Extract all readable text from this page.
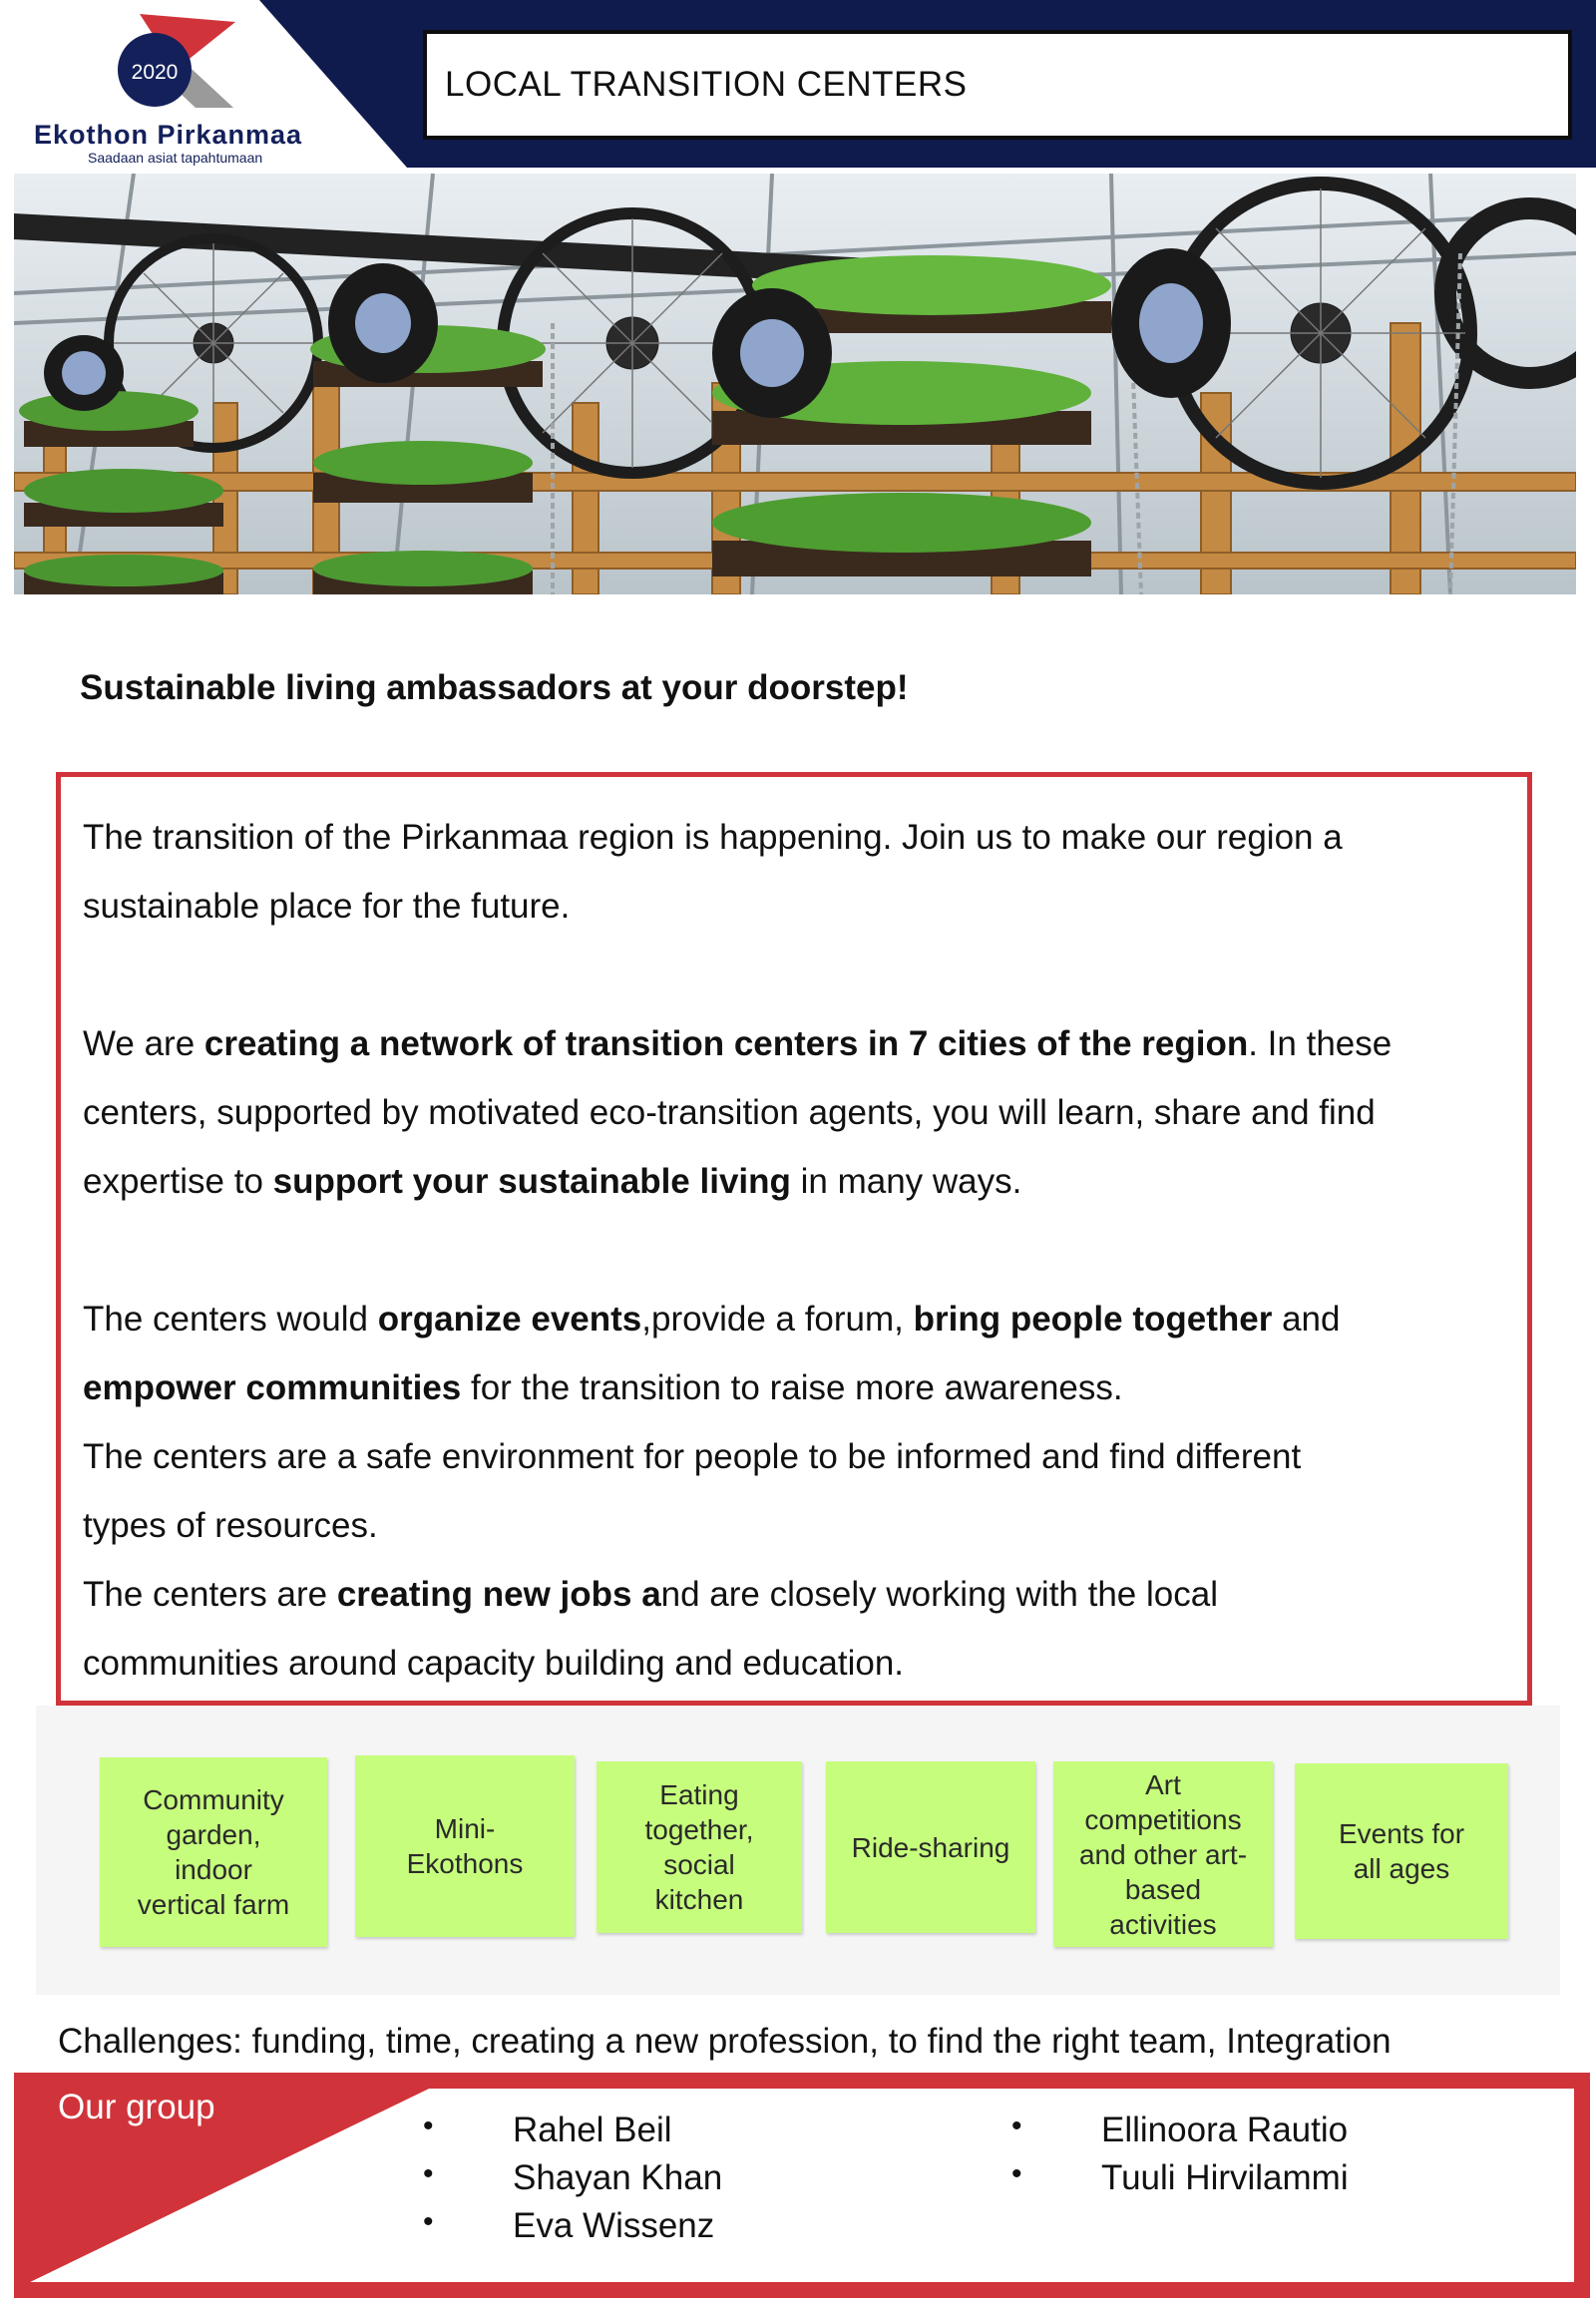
2020
Ekothon Pirkanmaa
Saadaan asiat tapahtumaan
LOCAL TRANSITION CENTERS
Sustainable living ambassadors at your doorstep!

The transition of the Pirkanmaa region is happening. Join us to make our region a

sustainable place for the future.

We are creating a network of transition centers in 7 cities of the region. In these

centers, supported by motivated eco-transition agents, you will learn, share and find

expertise to support your sustainable living in many ways.

The centers would organize events,provide a forum, bring people together and

empower communities for the transition to raise more awareness.

The centers are a safe environment for people to be informed and find different

types of resources.

The centers are creating new jobs and are closely working with the local

communities around capacity building and education.

Community
garden,
indoor
vertical farm
Mini-
Ekothons
Eating
together,
social
kitchen
Ride-sharing
Art
competitions
and other art-
based
activities
Events for
all ages
Challenges: funding, time, creating a new profession, to find the right team, Integration
Our group	• Rahel Beil
• Shayan Khan
• Eva Wissenz
• Ellinoora Rautio
• Tuuli Hirvilammi
